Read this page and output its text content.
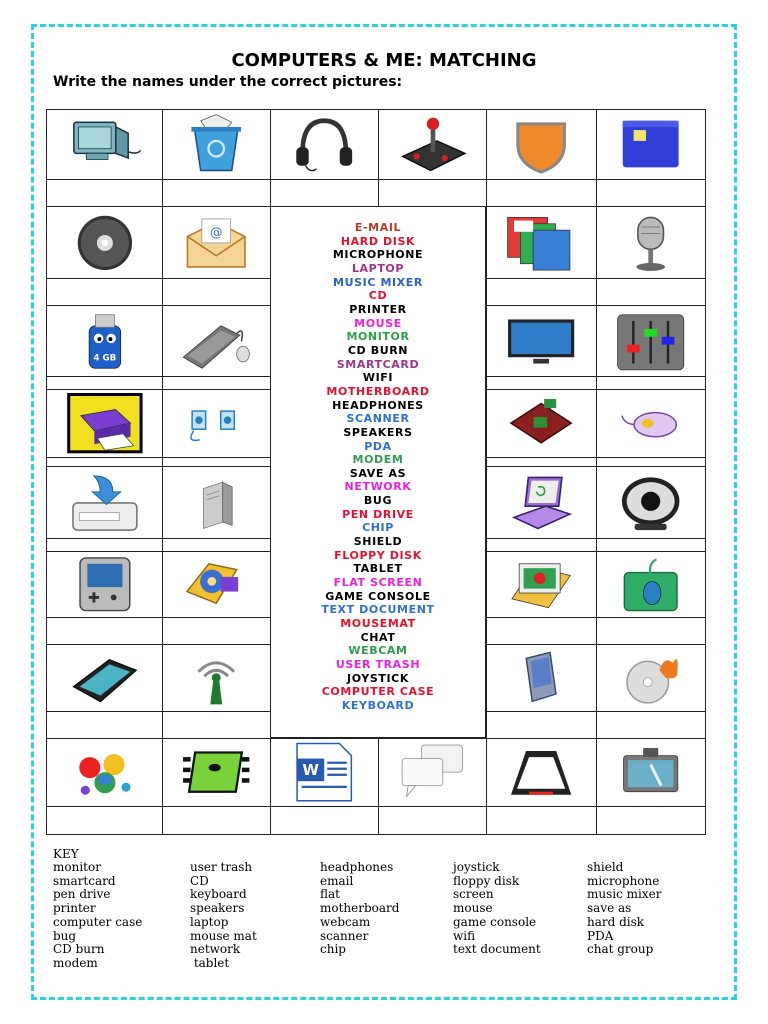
COMPUTERS & ME: MATCHING
Write the names under the correct pictures:
@
4 GB
W
E-MAIL
HARD DISK
MICROPHONE
LAPTOP
MUSIC MIXER
CD
PRINTER
MOUSE
MONITOR
CD BURN
SMARTCARD
WIFI
MOTHERBOARD
HEADPHONES
SCANNER
SPEAKERS
PDA
MODEM
SAVE AS
NETWORK
BUG
PEN DRIVE
CHIP
SHIELD
FLOPPY DISK
TABLET
FLAT SCREEN
GAME CONSOLE
TEXT DOCUMENT
MOUSEMAT
CHAT
WEBCAM
USER TRASH
JOYSTICK
COMPUTER CASE
KEYBOARD
KEY
monitor
smartcard
pen drive
printer
computer case
bug
CD burn
modem
user trash
CD
keyboard
speakers
laptop
mouse mat
network
tablet
headphones
email
flat
motherboard
webcam
scanner
chip
joystick
floppy disk
screen
mouse
game console
wifi
text document
shield
microphone
music mixer
save as
hard disk
PDA
chat group
